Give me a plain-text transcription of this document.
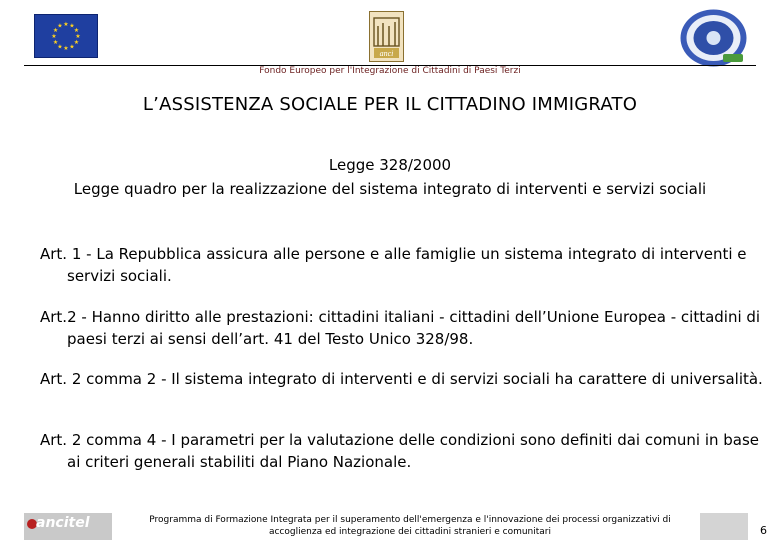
★
★
★
★
★
★
★
★
★ ★ ★
★
anci
Fondo Europeo per l'Integrazione di Cittadini di Paesi Terzi
L’ASSISTENZA SOCIALE PER IL CITTADINO IMMIGRATO
Legge 328/2000
Legge quadro per la realizzazione del sistema integrato di interventi e servizi sociali
Art. 1 - La Repubblica assicura alle persone e alle famiglie un sistema integrato di interventi e servizi sociali.
Art.2 - Hanno diritto alle prestazioni: cittadini italiani - cittadini dell’Unione Europea - cittadini di paesi terzi ai sensi dell’art. 41 del Testo Unico 328/98.
Art. 2 comma 2 - Il sistema integrato di interventi e di servizi sociali ha carattere di universalità.
Art. 2 comma 4 - I parametri per la valutazione delle condizioni sono definiti dai comuni in base ai criteri generali stabiliti dal Piano Nazionale.
ancitel	Programma di Formazione Integrata per il superamento dell'emergenza e l'innovazione dei processi organizzativi di
accoglienza ed integrazione dei cittadini stranieri e comunitari	6
